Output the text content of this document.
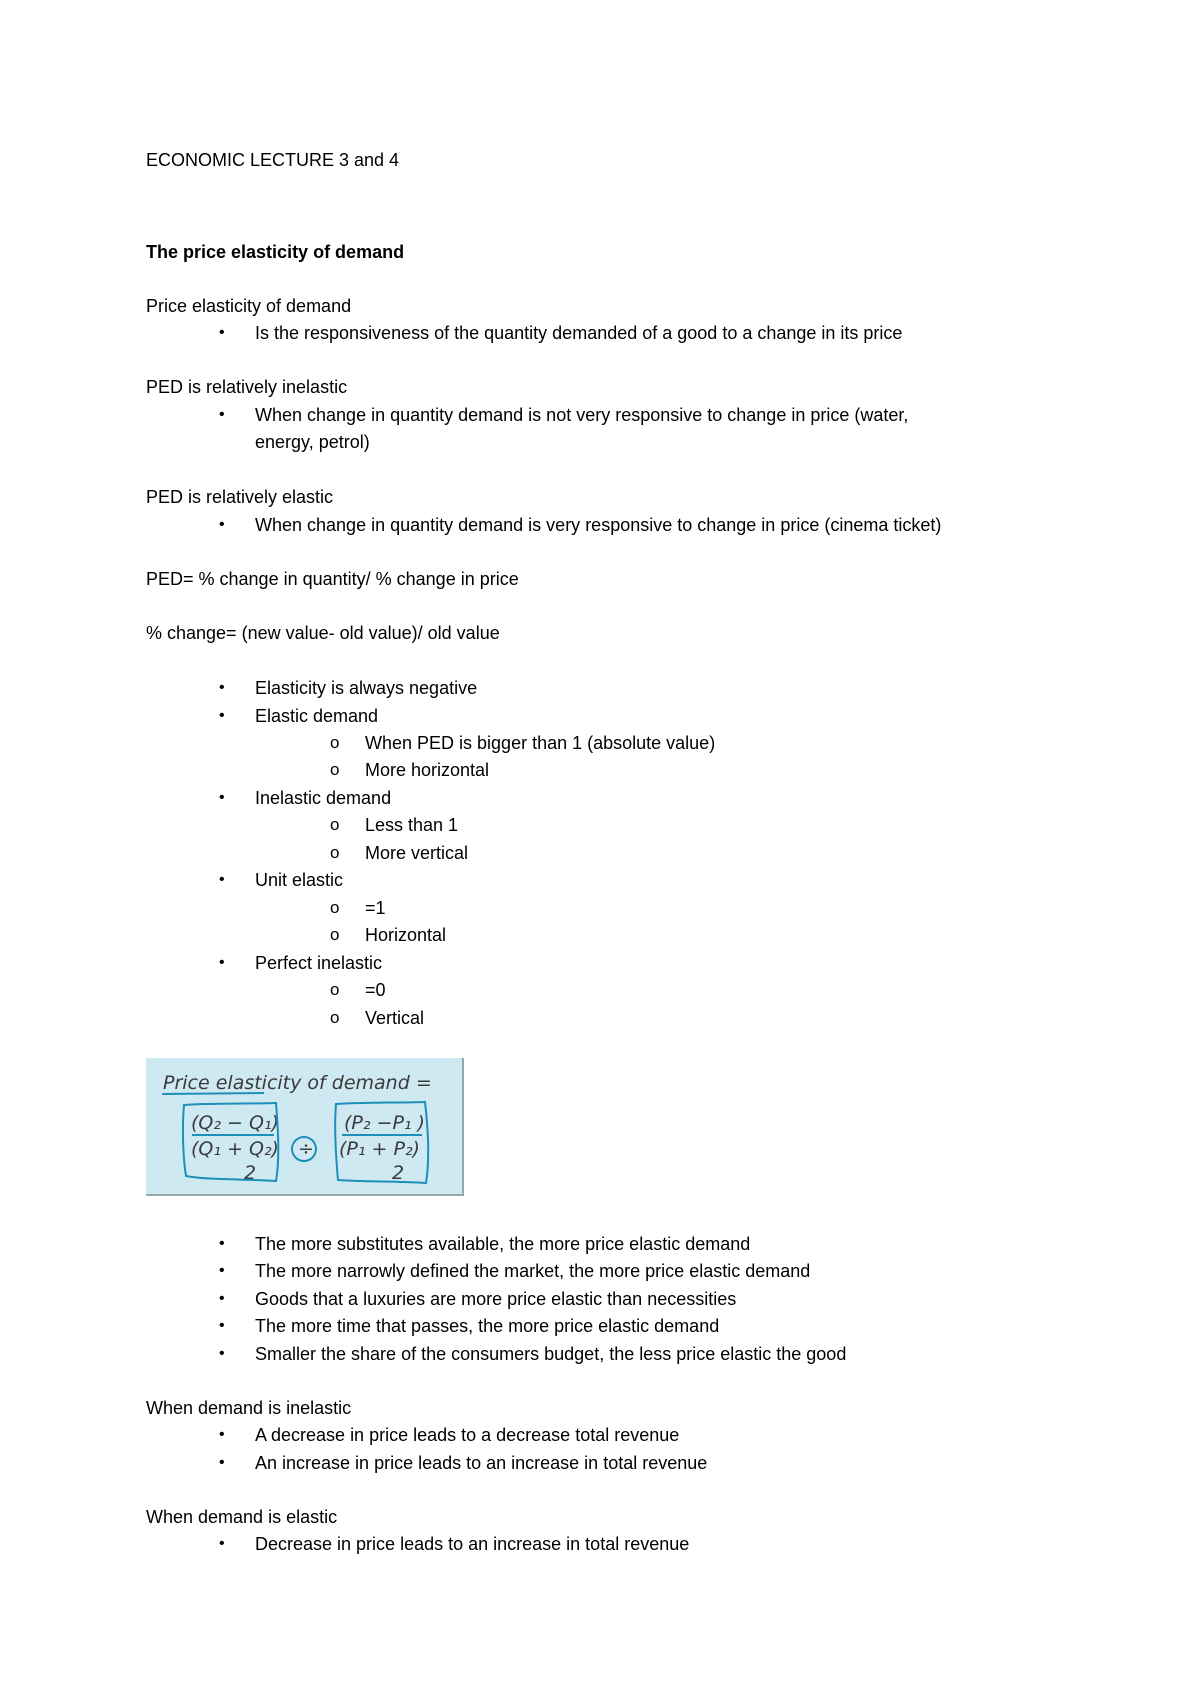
ECONOMIC LECTURE 3 and 4
The price elasticity of demand
Price elasticity of demand
• Is the responsiveness of the quantity demanded of a good to a change in its price
PED is relatively inelastic
• When change in quantity demand is not very responsive to change in price (water,
energy, petrol)
PED is relatively elastic
• When change in quantity demand is very responsive to change in price (cinema ticket)
PED= % change in quantity/ % change in price
% change= (new value- old value)/ old value
• Elasticity is always negative
• Elastic demand
o When PED is bigger than 1 (absolute value)
o More horizontal
• Inelastic demand
o Less than 1
o More vertical
• Unit elastic
o =1
o Horizontal
• Perfect inelastic
o =0
o Vertical
Price elasticity of demand =
(Q₂ − Q₁)
(Q₁ + Q₂)
2
÷
(P₂ −P₁ )
(P₁ + P₂)
2
• The more substitutes available, the more price elastic demand
• The more narrowly defined the market, the more price elastic demand
• Goods that a luxuries are more price elastic than necessities
• The more time that passes, the more price elastic demand
• Smaller the share of the consumers budget, the less price elastic the good
When demand is inelastic
• A decrease in price leads to a decrease total revenue
• An increase in price leads to an increase in total revenue
When demand is elastic
• Decrease in price leads to an increase in total revenue
